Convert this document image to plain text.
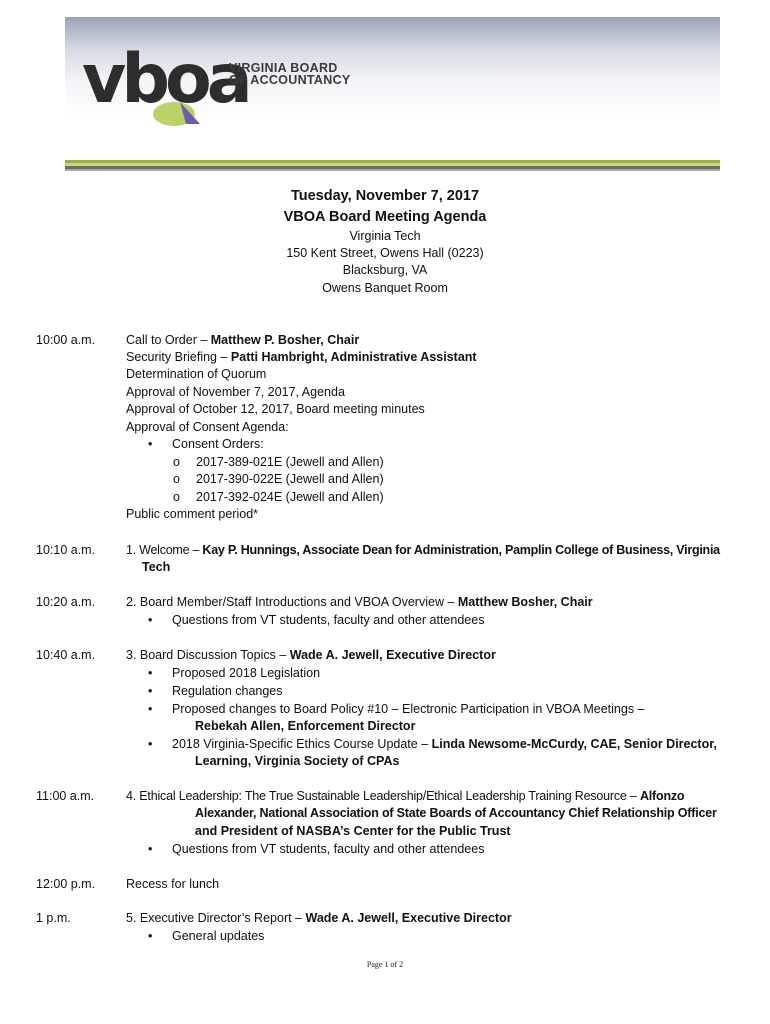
vboa
VIRGINIA BOARD
OF ACCOUNTANCY
Tuesday, November 7, 2017
VBOA Board Meeting Agenda
Virginia Tech
150 Kent Street, Owens Hall (0223)
Blacksburg, VA
Owens Banquet Room
10:00 a.m. Call to Order – Matthew P. Bosher, Chair
Security Briefing – Patti Hambright, Administrative Assistant
Determination of Quorum
Approval of November 7, 2017, Agenda
Approval of October 12, 2017, Board meeting minutes
Approval of Consent Agenda:
• Consent Orders:
o 2017-389-021E (Jewell and Allen)
o 2017-390-022E (Jewell and Allen)
o 2017-392-024E (Jewell and Allen)
Public comment period*
10:10 a.m. 1. Welcome – Kay P. Hunnings, Associate Dean for Administration, Pamplin College of Business, Virginia
Tech
10:20 a.m. 2. Board Member/Staff Introductions and VBOA Overview – Matthew Bosher, Chair
• Questions from VT students, faculty and other attendees
10:40 a.m. 3. Board Discussion Topics – Wade A. Jewell, Executive Director
• Proposed 2018 Legislation
• Regulation changes
• Proposed changes to Board Policy #10 – Electronic Participation in VBOA Meetings –
Rebekah Allen, Enforcement Director
• 2018 Virginia-Specific Ethics Course Update – Linda Newsome-McCurdy, CAE, Senior Director,
Learning, Virginia Society of CPAs
11:00 a.m.	4. Ethical Leadership: The True Sustainable Leadership/Ethical Leadership Training Resource – Alfonzo
Alexander, National Association of State Boards of Accountancy Chief Relationship Officer
and President of NASBA’s Center for the Public Trust
• Questions from VT students, faculty and other attendees
12:00 p.m. Recess for lunch
1 p.m.	5. Executive Director’s Report – Wade A. Jewell, Executive Director
• General updates
Page 1 of 2
